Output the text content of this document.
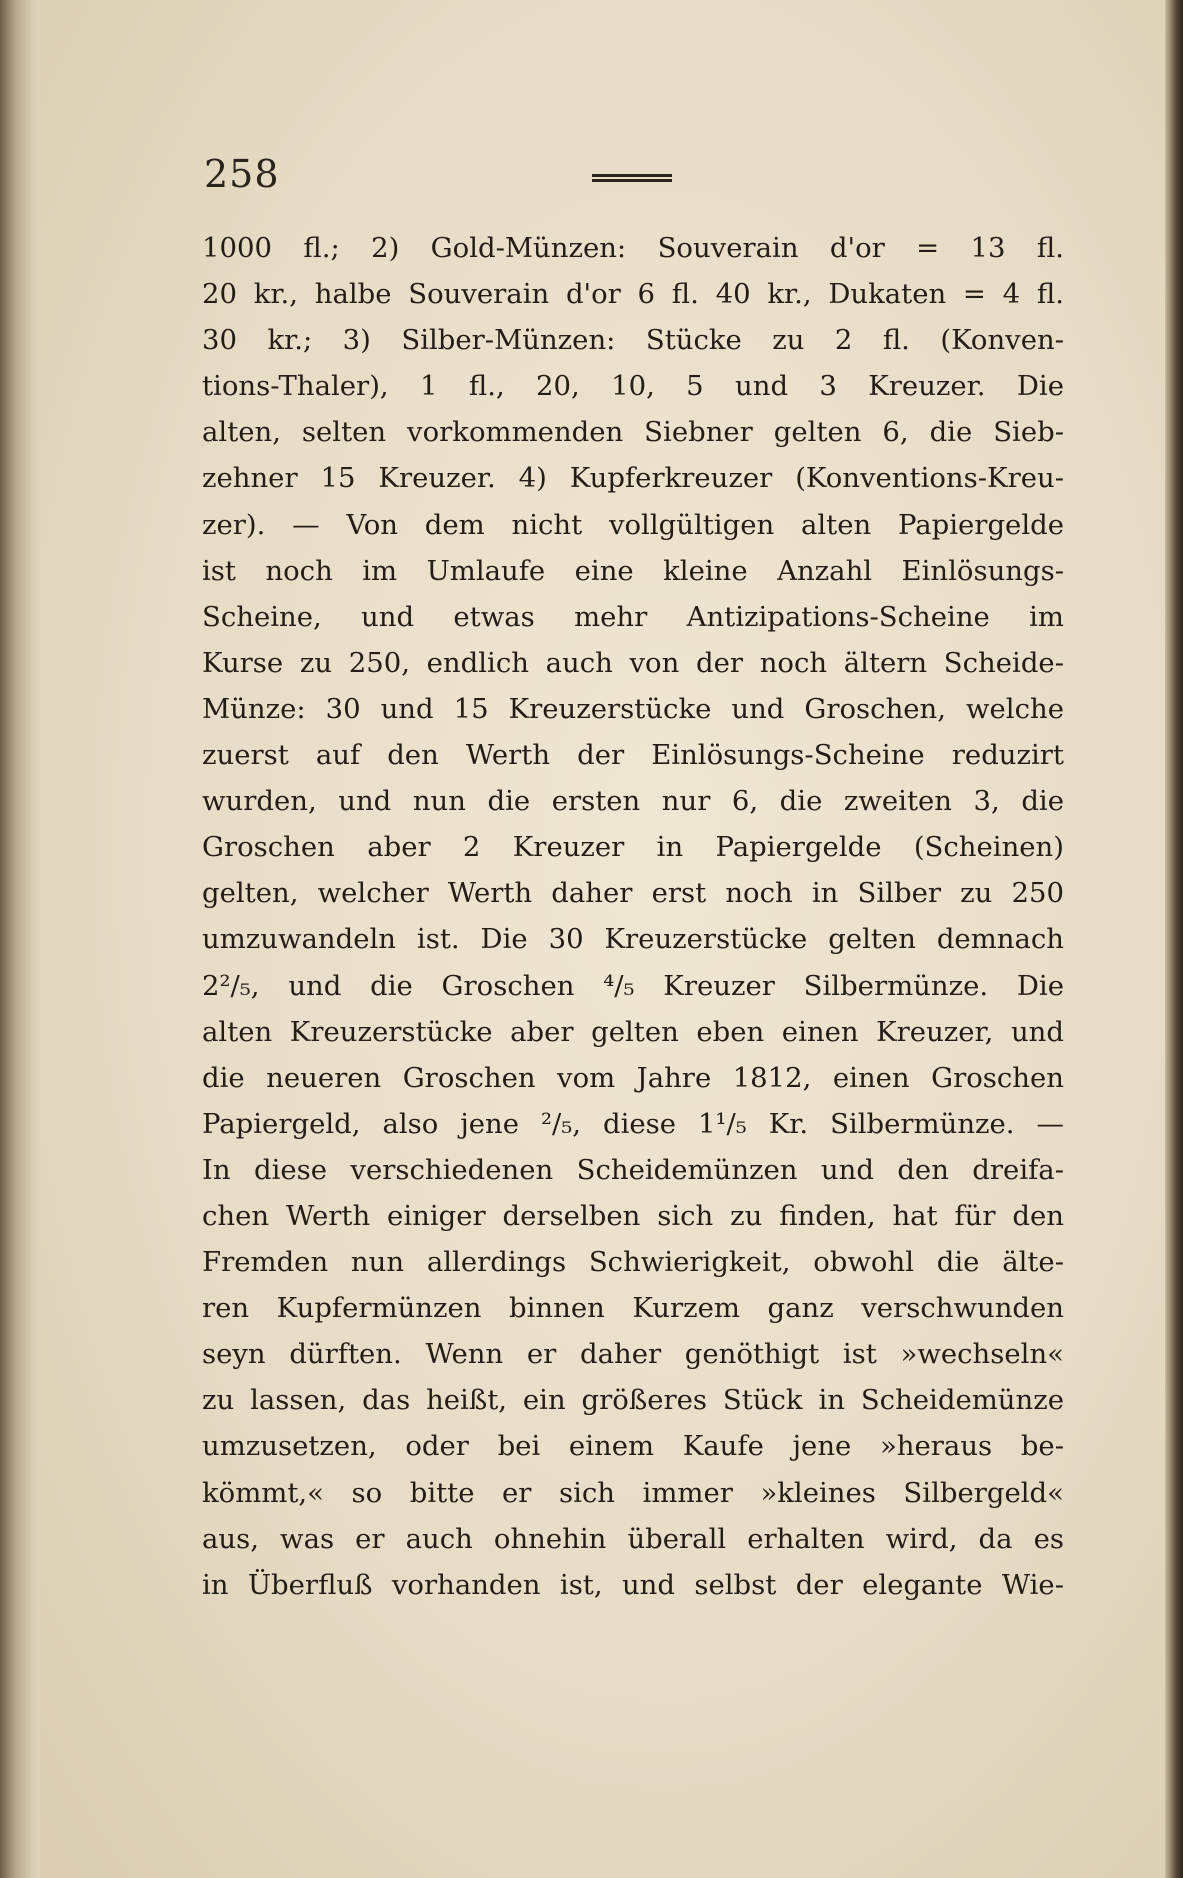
258
1000 fl.; 2) Gold-Münzen: Souverain d'or = 13 fl.
20 kr., halbe Souverain d'or 6 fl. 40 kr., Dukaten = 4 fl.
30 kr.; 3) Silber-Münzen: Stücke zu 2 fl. (Konven-
tions-Thaler), 1 fl., 20, 10, 5 und 3 Kreuzer. Die
alten, selten vorkommenden Siebner gelten 6, die Sieb-
zehner 15 Kreuzer. 4) Kupferkreuzer (Konventions-Kreu-
zer). — Von dem nicht vollgültigen alten Papiergelde
ist noch im Umlaufe eine kleine Anzahl Einlösungs-
Scheine, und etwas mehr Antizipations-Scheine im
Kurse zu 250, endlich auch von der noch ältern Scheide-
Münze: 30 und 15 Kreuzerstücke und Groschen, welche
zuerst auf den Werth der Einlösungs-Scheine reduzirt
wurden, und nun die ersten nur 6, die zweiten 3, die
Groschen aber 2 Kreuzer in Papiergelde (Scheinen)
gelten, welcher Werth daher erst noch in Silber zu 250
umzuwandeln ist. Die 30 Kreuzerstücke gelten demnach
2²/₅, und die Groschen ⁴/₅ Kreuzer Silbermünze. Die
alten Kreuzerstücke aber gelten eben einen Kreuzer, und
die neueren Groschen vom Jahre 1812, einen Groschen
Papiergeld, also jene ²/₅, diese 1¹/₅ Kr. Silbermünze. —
In diese verschiedenen Scheidemünzen und den dreifa-
chen Werth einiger derselben sich zu finden, hat für den
Fremden nun allerdings Schwierigkeit, obwohl die älte-
ren Kupfermünzen binnen Kurzem ganz verschwunden
seyn dürften. Wenn er daher genöthigt ist »wechseln«
zu lassen, das heißt, ein größeres Stück in Scheidemünze
umzusetzen, oder bei einem Kaufe jene »heraus be-
kömmt,« so bitte er sich immer »kleines Silbergeld«
aus, was er auch ohnehin überall erhalten wird, da es
in Überfluß vorhanden ist, und selbst der elegante Wie-
